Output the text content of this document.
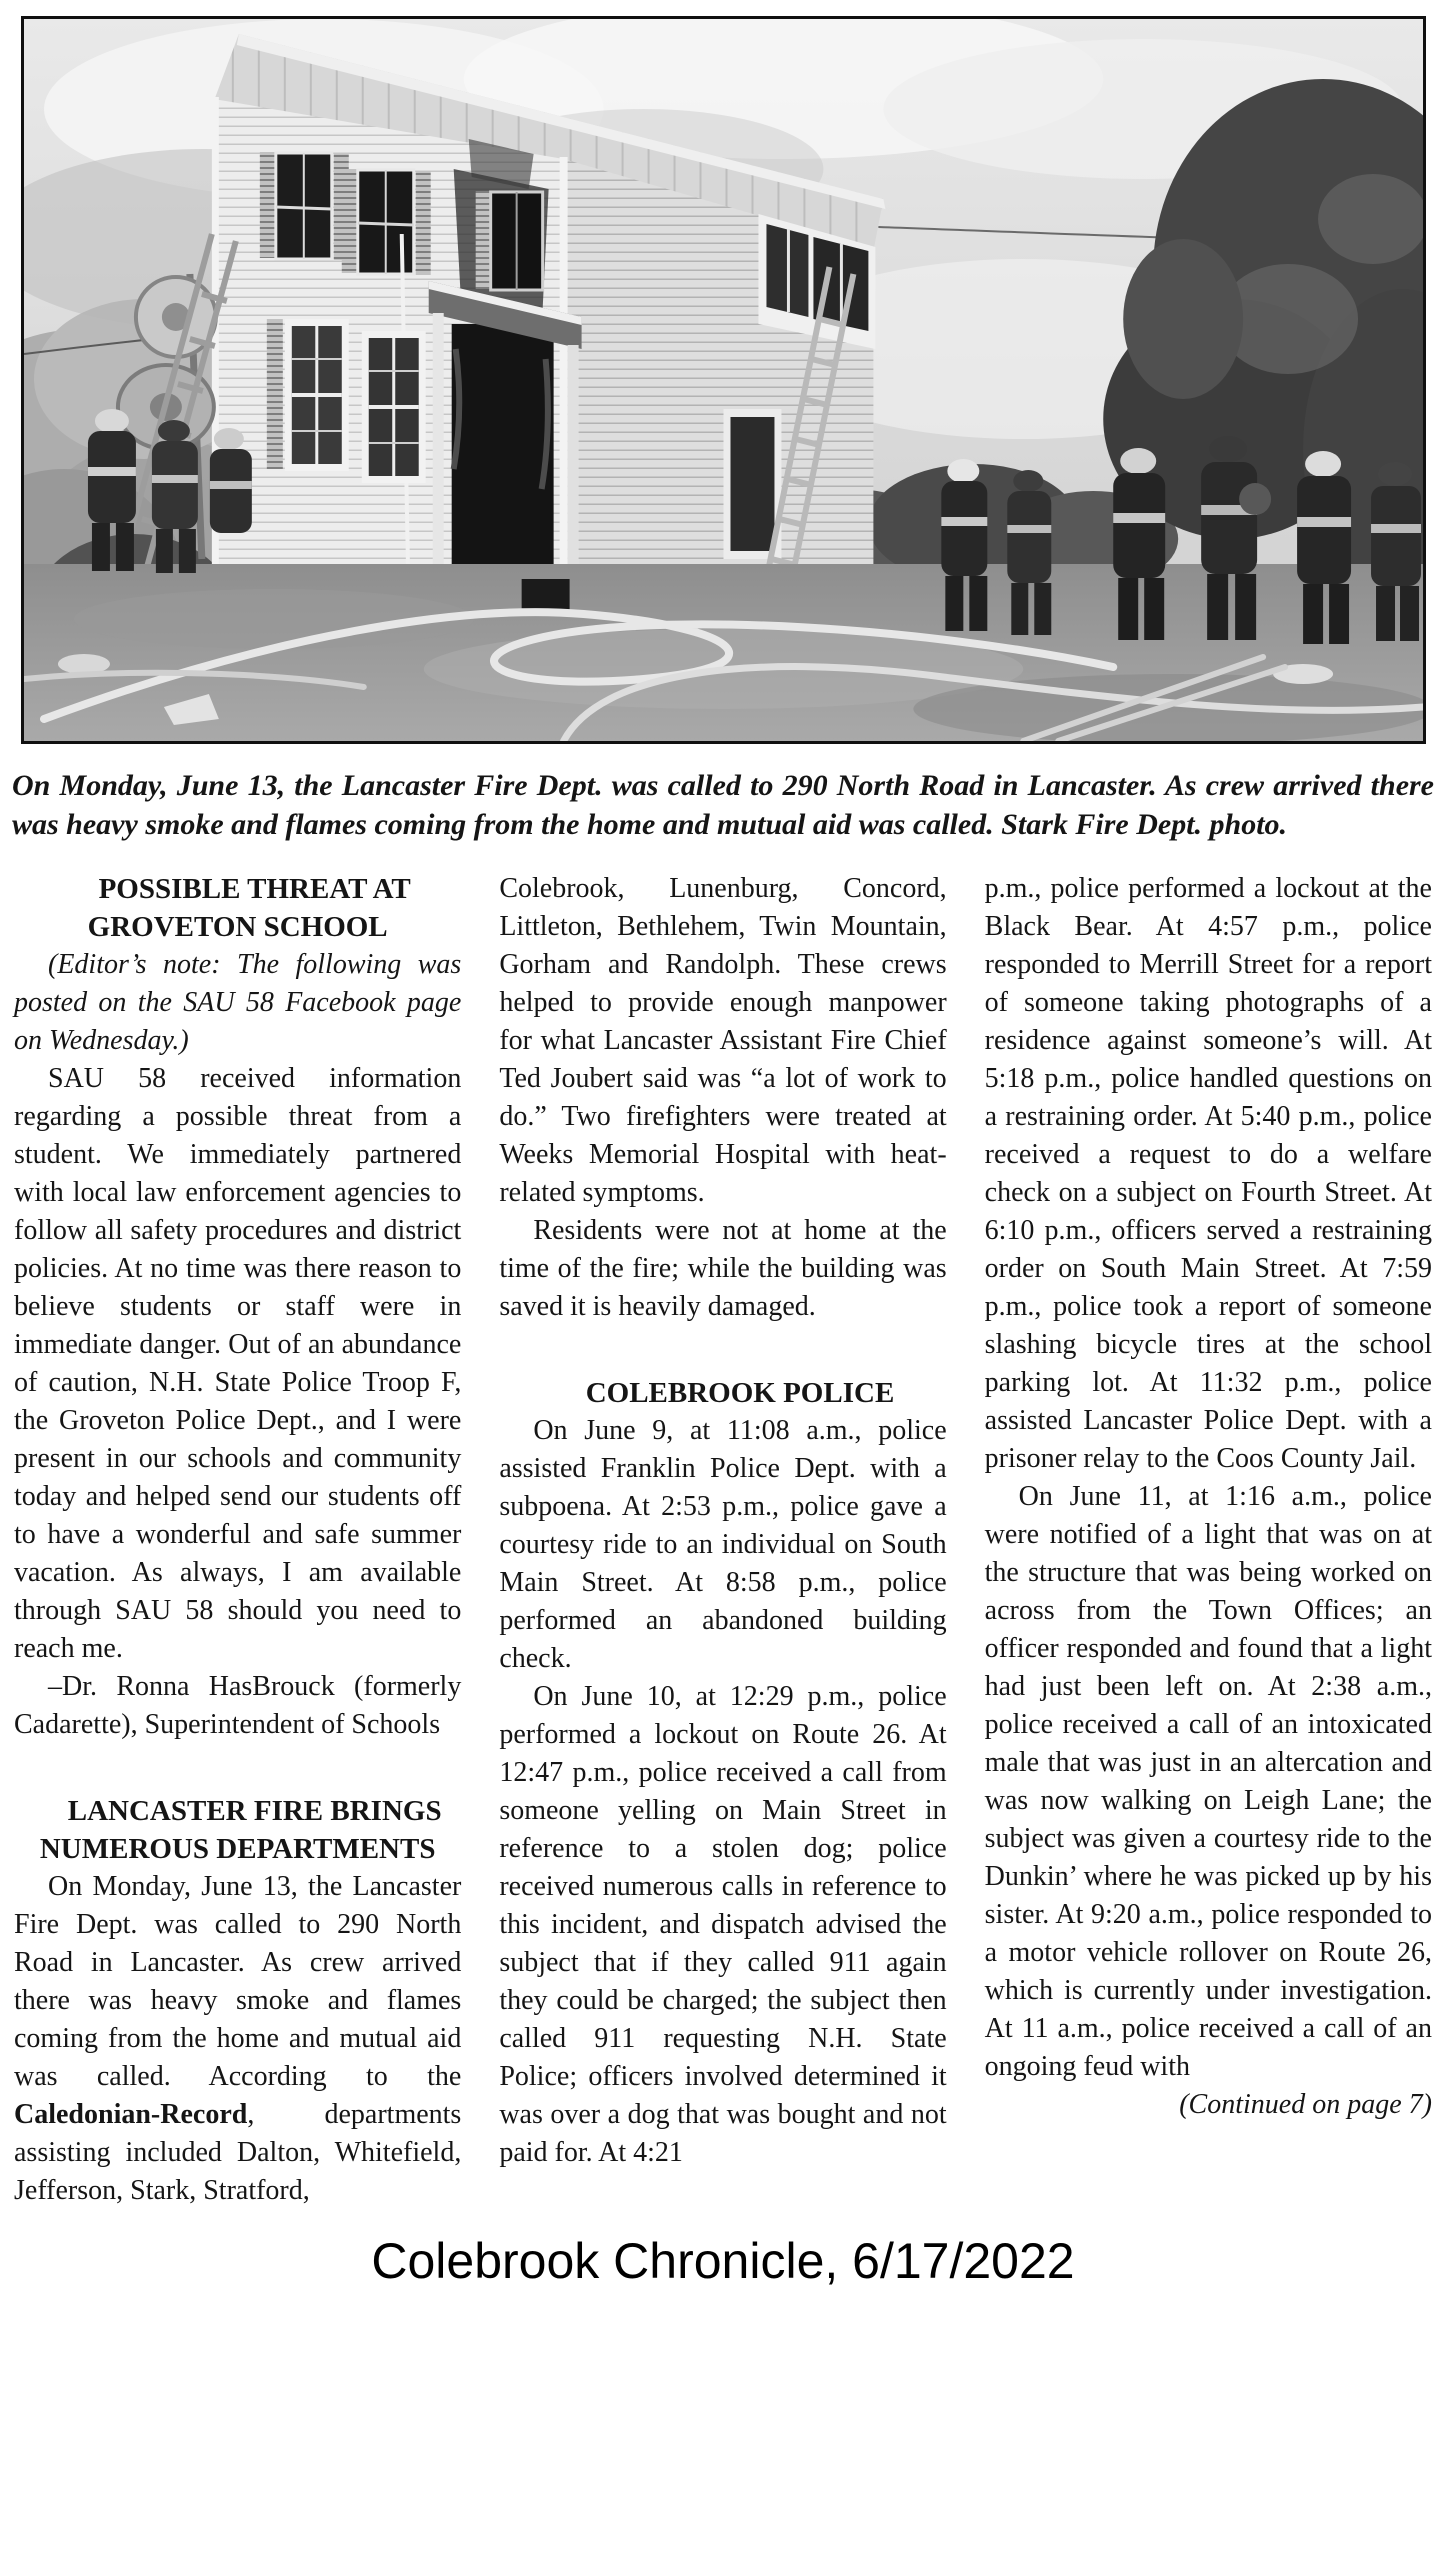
On Monday, June 13, the Lancaster Fire Dept. was called to 290 North Road in Lancaster. As crew arrived there was heavy smoke and flames coming from the home and mutual aid was called. Stark Fire Dept. photo.

POSSIBLE THREAT AT GROVETON SCHOOL

(Editor’s note: The following was posted on the SAU 58 Facebook page on Wednesday.)

SAU 58 received information regarding a possible threat from a student. We immediately partnered with local law enforcement agencies to follow all safety procedures and district policies. At no time was there reason to believe students or staff were in immediate danger. Out of an abundance of caution, N.H. State Police Troop F, the Groveton Police Dept., and I were present in our schools and community today and helped send our students off to have a wonderful and safe summer vacation. As always, I am available through SAU 58 should you need to reach me.

–Dr. Ronna HasBrouck (formerly Cadarette), Superintendent of Schools

LANCASTER FIRE BRINGS NUMEROUS DEPARTMENTS

On Monday, June 13, the Lancaster Fire Dept. was called to 290 North Road in Lancaster. As crew arrived there was heavy smoke and flames coming from the home and mutual aid was called. According to the Caledonian-Record, departments assisting included Dalton, Whitefield, Jefferson, Stark, Stratford,

Colebrook, Lunenburg, Concord, Littleton, Bethlehem, Twin Mountain, Gorham and Randolph. These crews helped to provide enough manpower for what Lancaster Assistant Fire Chief Ted Joubert said was “a lot of work to do.” Two firefighters were treated at Weeks Memorial Hospital with heat-related symptoms.

Residents were not at home at the time of the fire; while the building was saved it is heavily damaged.

COLEBROOK POLICE

On June 9, at 11:08 a.m., police assisted Franklin Police Dept. with a subpoena. At 2:53 p.m., police gave a courtesy ride to an individual on South Main Street. At 8:58 p.m., police performed an abandoned building check.

On June 10, at 12:29 p.m., police performed a lockout on Route 26. At 12:47 p.m., police received a call from someone yelling on Main Street in reference to a stolen dog; police received numerous calls in reference to this incident, and dispatch advised the subject that if they called 911 again they could be charged; the subject then called 911 requesting N.H. State Police; officers involved determined it was over a dog that was bought and not paid for. At 4:21

p.m., police performed a lockout at the Black Bear. At 4:57 p.m., police responded to Merrill Street for a report of someone taking photographs of a residence against someone’s will. At 5:18 p.m., police handled questions on a restraining order. At 5:40 p.m., police received a request to do a welfare check on a subject on Fourth Street. At 6:10 p.m., officers served a restraining order on South Main Street. At 7:59 p.m., police took a report of someone slashing bicycle tires at the school parking lot. At 11:32 p.m., police assisted Lancaster Police Dept. with a prisoner relay to the Coos County Jail.

On June 11, at 1:16 a.m., police were notified of a light that was on at the structure that was being worked on across from the Town Offices; an officer responded and found that a light had just been left on. At 2:38 a.m., police received a call of an intoxicated male that was just in an altercation and was now walking on Leigh Lane; the subject was given a courtesy ride to the Dunkin’ where he was picked up by his sister. At 9:20 a.m., police responded to a motor vehicle rollover on Route 26, which is currently under investigation. At 11 a.m., police received a call of an ongoing feud with

(Continued on page 7)

Colebrook Chronicle, 6/17/2022
